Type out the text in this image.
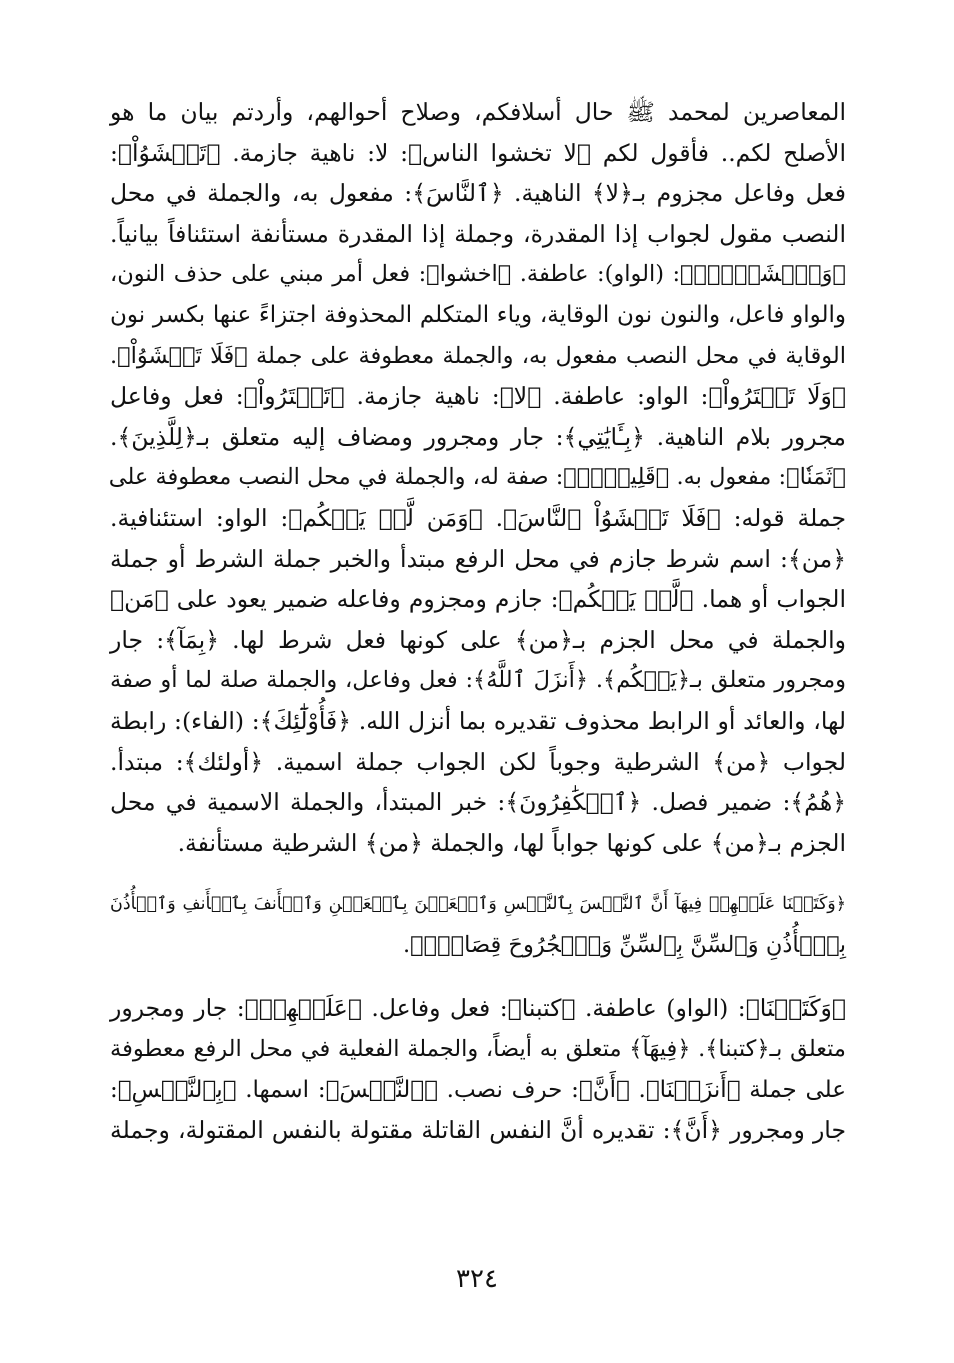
المعاصرين لمحمد ﷺ حال أسلافكم، وصلاح أحوالهم، وأردتم بيان ما هو
الأصلح لكم.. فأقول لكم ﴿لا تخشوا الناس﴾: لا: ناهية جازمة. ﴿تَخۡشَوُاْ﴾:
فعل وفاعل مجزوم بـ﴿لا﴾ الناهية. ﴿ٱلنَّاسَ﴾: مفعول به، والجملة في محل
النصب مقول لجواب إذا المقدرة، وجملة إذا المقدرة مستأنفة استئنافاً بيانياً.
﴿وَٱخۡشَوۡنِۚ﴾: (الواو): عاطفة. ﴿اخشوا﴾: فعل أمر مبني على حذف النون،
والواو فاعل، والنون نون الوقاية، وياء المتكلم المحذوفة اجتزاءً عنها بكسر نون
الوقاية في محل النصب مفعول به، والجملة معطوفة على جملة ﴿فَلَا تَخۡشَوُاْ﴾.
﴿وَلَا تَشۡتَرُواْ﴾: الواو: عاطفة. ﴿لا﴾: ناهية جازمة. ﴿تَشۡتَرُواْ﴾: فعل وفاعل
مجرور بلام الناهية. ﴿بِـَٔايَٰتِي﴾: جار ومجرور ومضاف إليه متعلق بـ﴿لِلَّذِينَ﴾.
﴿ثَمَنٗا﴾: مفعول به. ﴿قَلِيلٗاۚ﴾: صفة له، والجملة في محل النصب معطوفة على
جملة قوله: ﴿فَلَا تَخۡشَوُاْ ٱلنَّاسَ﴾. ﴿وَمَن لَّمۡ يَحۡكُم﴾: الواو: استئنافية.
﴿من﴾: اسم شرط جازم في محل الرفع مبتدأ والخبر جملة الشرط أو جملة
الجواب أو هما. ﴿لَّمۡ يَحۡكُم﴾: جازم ومجزوم وفاعله ضمير يعود على ﴿مَن﴾
والجملة في محل الجزم بـ﴿من﴾ على كونها فعل شرط لها. ﴿بِمَآ﴾: جار
ومجرور متعلق بـ﴿يَحۡكُم﴾. ﴿أَنزَلَ ٱللَّهُ﴾: فعل وفاعل، والجملة صلة لما أو صفة
لها، والعائد أو الرابط محذوف تقديره بما أنزل الله. ﴿فَأُوْلَٰٓئِكَ﴾: (الفاء): رابطة
لجواب ﴿من﴾ الشرطية وجوباً لكن الجواب جملة اسمية. ﴿أولئك﴾: مبتدأ.
﴿هُمُ﴾: ضمير فصل. ﴿ٱلۡكَٰفِرُونَ﴾: خبر المبتدأ، والجملة الاسمية في محل
الجزم بـ﴿من﴾ على كونها جواباً لها، والجملة ﴿من﴾ الشرطية مستأنفة.
﴿وَكَتَبۡنَا عَلَيۡهِمۡ فِيهَآ أَنَّ ٱلنَّفۡسَ بِٱلنَّفۡسِ وَٱلۡعَيۡنَ بِٱلۡعَيۡنِ وَٱلۡأَنفَ بِٱلۡأَنفِ وَٱلۡأُذُنَ
بِٱلۡأُذُنِ وَٱلسِّنَّ بِٱلسِّنِّ وَٱلۡجُرُوحَ قِصَاصٞۚ﴾.
﴿وَكَتَبۡنَا﴾: (الواو) عاطفة. ﴿كتبنا﴾: فعل وفاعل. ﴿عَلَيۡهِمۡ﴾: جار ومجرور
متعلق بـ﴿كتبنا﴾. ﴿فِيهَآ﴾ متعلق به أيضاً، والجملة الفعلية في محل الرفع معطوفة
على جملة ﴿أَنزَلۡنَا﴾. ﴿أَنَّ﴾: حرف نصب. ﴿ٱلنَّفۡسَ﴾: اسمها. ﴿بِٱلنَّفۡسِ﴾:
جار ومجرور ﴿أَنَّ﴾: تقديره أنَّ النفس القاتلة مقتولة بالنفس المقتولة، وجملة
٣٢٤
